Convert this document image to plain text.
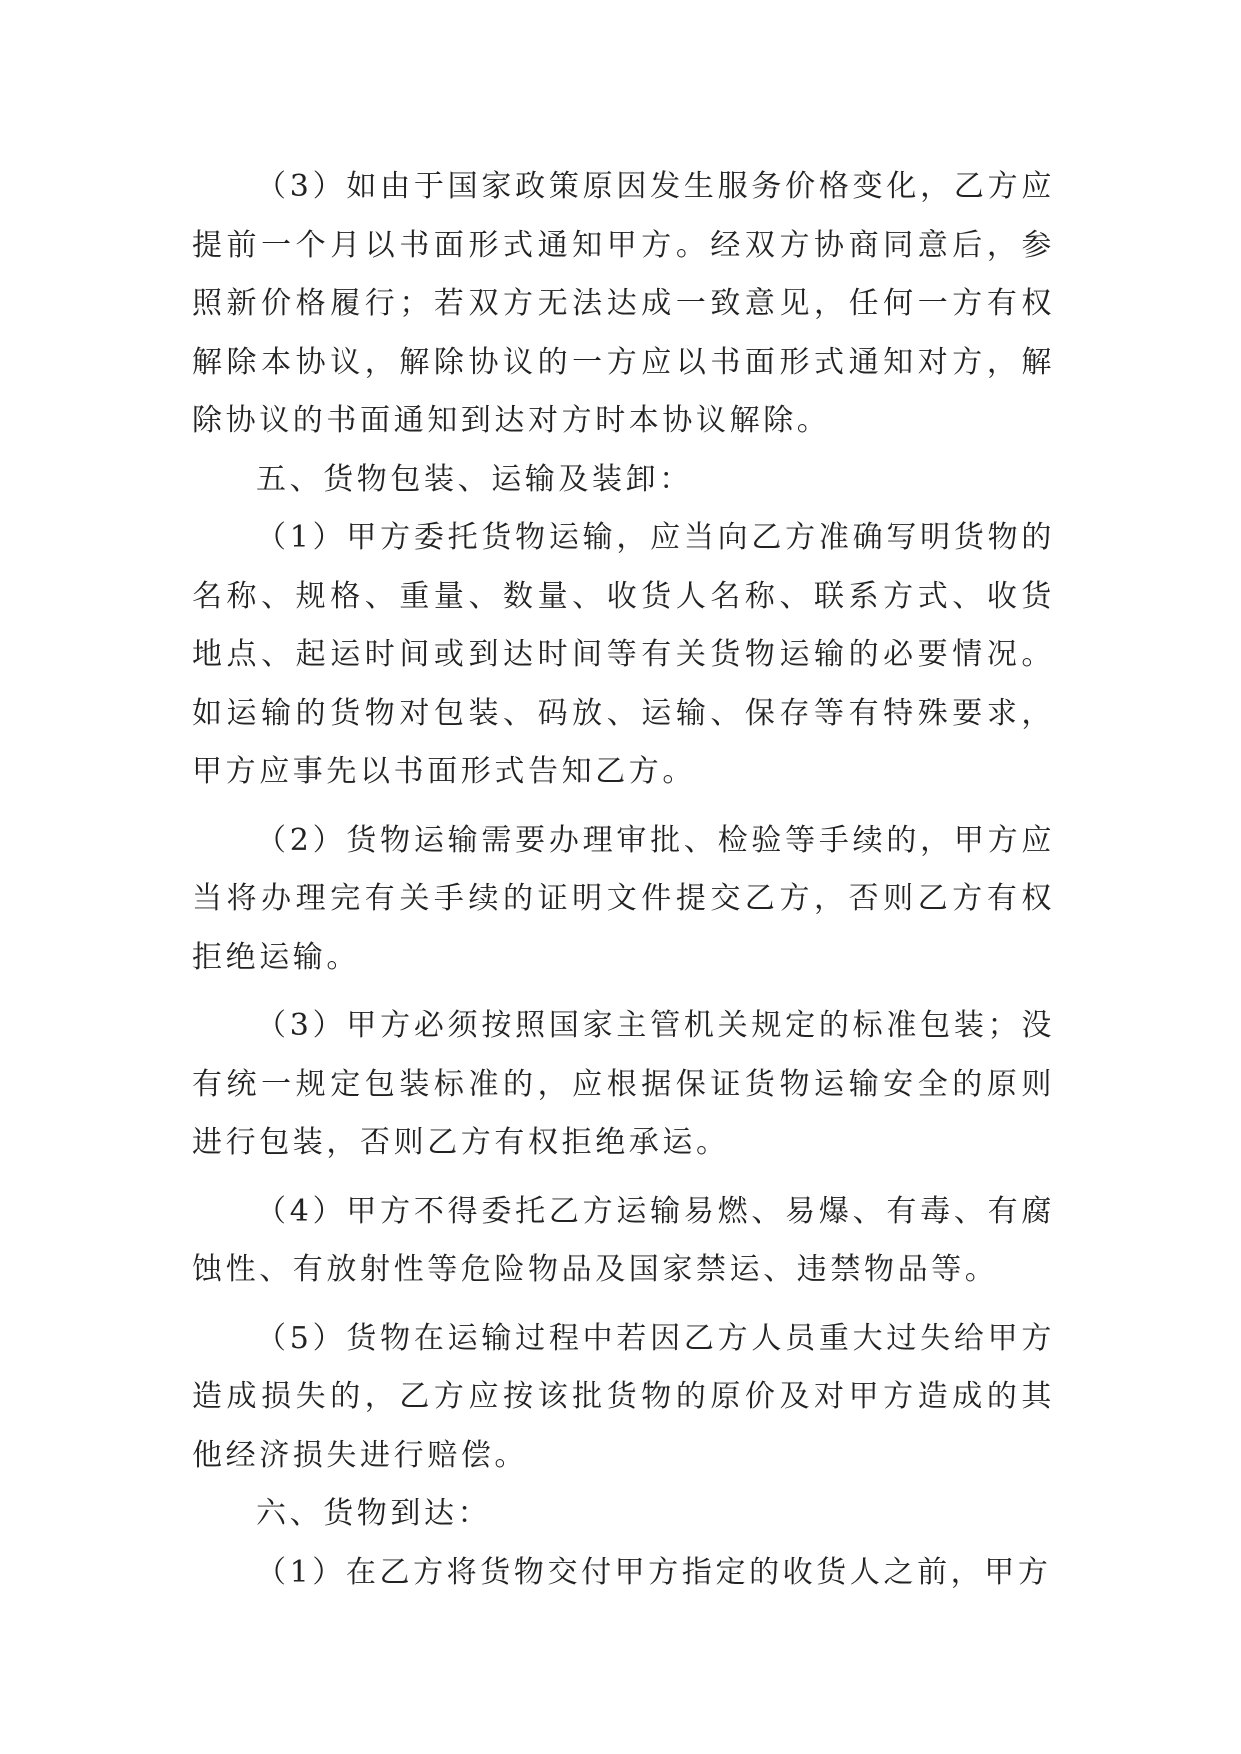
（3）如由于国家政策原因发生服务价格变化，乙方应提前一个月以书面形式通知甲方。经双方协商同意后，参照新价格履行；若双方无法达成一致意见，任何一方有权解除本协议，解除协议的一方应以书面形式通知对方，解除协议的书面通知到达对方时本协议解除。

五、货物包装、运输及装卸：

（1）甲方委托货物运输，应当向乙方准确写明货物的名称、规格、重量、数量、收货人名称、联系方式、收货地点、起运时间或到达时间等有关货物运输的必要情况。如运输的货物对包装、码放、运输、保存等有特殊要求，甲方应事先以书面形式告知乙方。

（2）货物运输需要办理审批、检验等手续的，甲方应当将办理完有关手续的证明文件提交乙方，否则乙方有权拒绝运输。

（3）甲方必须按照国家主管机关规定的标准包装；没有统一规定包装标准的，应根据保证货物运输安全的原则进行包装，否则乙方有权拒绝承运。

（4）甲方不得委托乙方运输易燃、易爆、有毒、有腐蚀性、有放射性等危险物品及国家禁运、违禁物品等。

（5）货物在运输过程中若因乙方人员重大过失给甲方造成损失的，乙方应按该批货物的原价及对甲方造成的其他经济损失进行赔偿。

六、货物到达：

（1）在乙方将货物交付甲方指定的收货人之前，甲方
